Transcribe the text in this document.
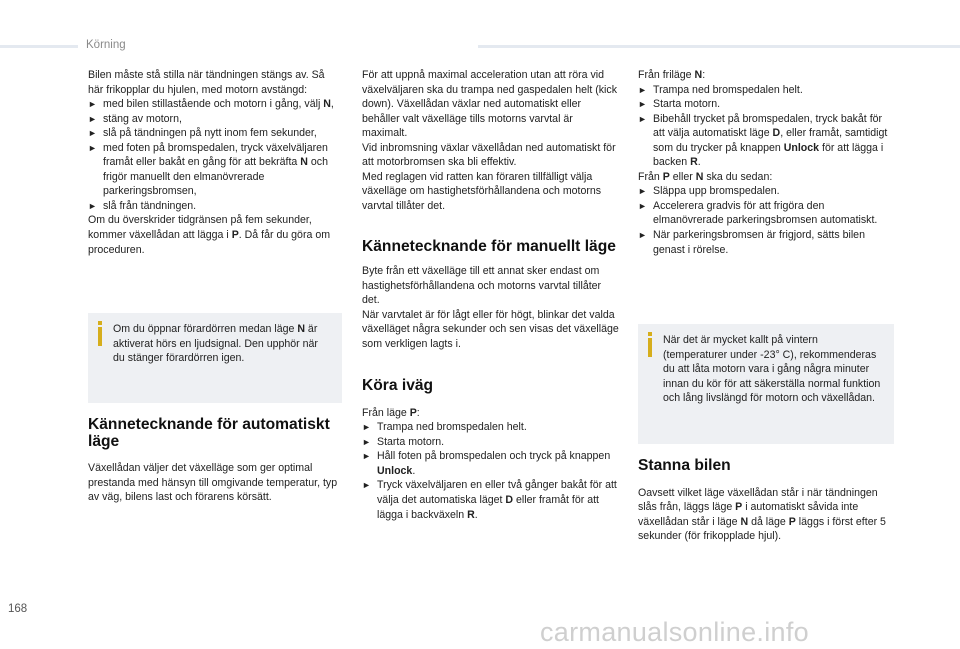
Körning

Bilen måste stå stilla när tändningen stängs av. Så här frikopplar du hjulen, med motorn avstängd:

► med bilen stillastående och motorn i gång, välj N,
► stäng av motorn,
► slå på tändningen på nytt inom fem sekunder,
► med foten på bromspedalen, tryck växelväljaren framåt eller bakåt en gång för att bekräfta N och frigör manuellt den elmanövrerade parkeringsbromsen,
► slå från tändningen.

Om du överskrider tidgränsen på fem sekunder, kommer växellådan att lägga i P. Då får du göra om proceduren.

Om du öppnar förardörren medan läge N är aktiverat hörs en ljudsignal. Den upphör när du stänger förardörren igen.

Kännetecknande för automatiskt läge

Växellådan väljer det växelläge som ger optimal prestanda med hänsyn till omgivande temperatur, typ av väg, bilens last och förarens körsätt.

För att uppnå maximal acceleration utan att röra vid växelväljaren ska du trampa ned gaspedalen helt (kick down). Växellådan växlar ned automatiskt eller behåller valt växelläge tills motorns varvtal är maximalt.

Vid inbromsning växlar växellådan ned automatiskt för att motorbromsen ska bli effektiv.

Med reglagen vid ratten kan föraren tillfälligt välja växelläge om hastighetsförhållandena och motorns varvtal tillåter det.

Kännetecknande för manuellt läge

Byte från ett växelläge till ett annat sker endast om hastighetsförhållandena och motorns varvtal tillåter det.

När varvtalet är för lågt eller för högt, blinkar det valda växelläget några sekunder och sen visas det växelläge som verkligen lagts i.

Köra iväg

Från läge P:

► Trampa ned bromspedalen helt.
► Starta motorn.
► Håll foten på bromspedalen och tryck på knappen Unlock.
► Tryck växelväljaren en eller två gånger bakåt för att välja det automatiska läget D eller framåt för att lägga i backväxeln R.

Från friläge N:

► Trampa ned bromspedalen helt.
► Starta motorn.
► Bibehåll trycket på bromspedalen, tryck bakåt för att välja automatiskt läge D, eller framåt, samtidigt som du trycker på knappen Unlock för att lägga i backen R.

Från P eller N ska du sedan:

► Släppa upp bromspedalen.
► Accelerera gradvis för att frigöra den elmanövrerade parkeringsbromsen automatiskt.
► När parkeringsbromsen är frigjord, sätts bilen genast i rörelse.

När det är mycket kallt på vintern (temperaturer under -23° C), rekommenderas du att låta motorn vara i gång några minuter innan du kör för att säkerställa normal funktion och lång livslängd för motorn och växellådan.

Stanna bilen

Oavsett vilket läge växellådan står i när tändningen slås från, läggs läge P i automatiskt såvida inte växellådan står i läge N då läge P läggs i först efter 5 sekunder (för frikopplade hjul).

168
carmanualsonline.info
